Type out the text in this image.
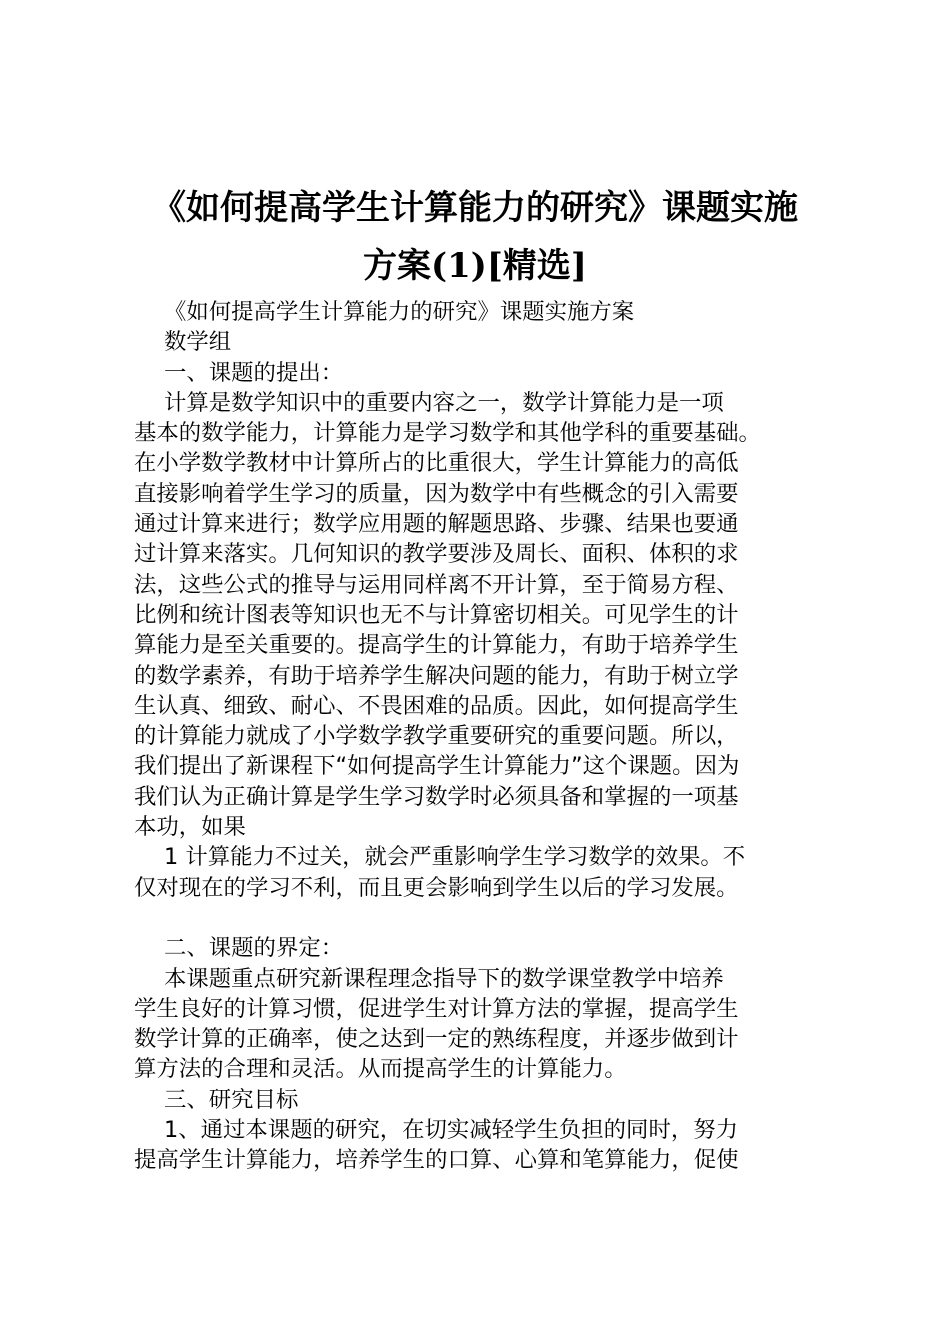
《如何提高学生计算能力的研究》课题实施
方案(1)[精选]

《如何提高学生计算能力的研究》课题实施方案

数学组

一、课题的提出：

计算是数学知识中的重要内容之一，数学计算能力是一项

基本的数学能力，计算能力是学习数学和其他学科的重要基础。

在小学数学教材中计算所占的比重很大，学生计算能力的高低

直接影响着学生学习的质量，因为数学中有些概念的引入需要

通过计算来进行；数学应用题的解题思路、步骤、结果也要通

过计算来落实。几何知识的教学要涉及周长、面积、体积的求

法，这些公式的推导与运用同样离不开计算，至于简易方程、

比例和统计图表等知识也无不与计算密切相关。可见学生的计

算能力是至关重要的。提高学生的计算能力，有助于培养学生

的数学素养，有助于培养学生解决问题的能力，有助于树立学

生认真、细致、耐心、不畏困难的品质。因此，如何提高学生

的计算能力就成了小学数学教学重要研究的重要问题。所以，

我们提出了新课程下“如何提高学生计算能力”这个课题。因为

我们认为正确计算是学生学习数学时必须具备和掌握的一项基

本功，如果

1 计算能力不过关，就会严重影响学生学习数学的效果。不

仅对现在的学习不利，而且更会影响到学生以后的学习发展。

二、课题的界定：

本课题重点研究新课程理念指导下的数学课堂教学中培养

学生良好的计算习惯，促进学生对计算方法的掌握，提高学生

数学计算的正确率，使之达到一定的熟练程度，并逐步做到计

算方法的合理和灵活。从而提高学生的计算能力。

三、研究目标

1、通过本课题的研究，在切实减轻学生负担的同时，努力

提高学生计算能力，培养学生的口算、心算和笔算能力，促使
